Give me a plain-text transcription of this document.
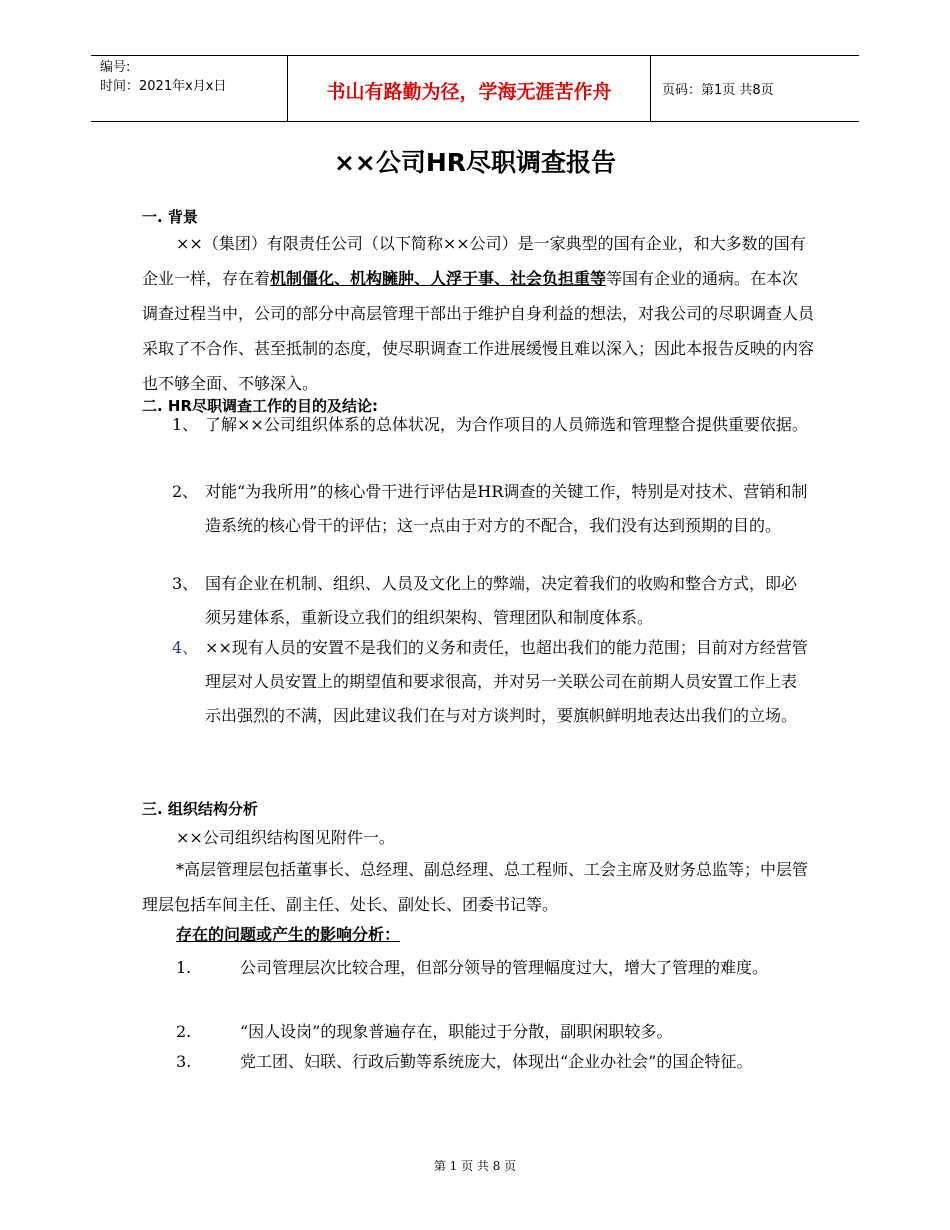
编号:
时间：2021年x月x日	书山有路勤为径，学海无涯苦作舟	页码：第1页 共8页
××公司HR尽职调查报告
一. 背景

××（集团）有限责任公司（以下简称××公司）是一家典型的国有企业，和大多数的国有企业一样，存在着机制僵化、机构臃肿、人浮于事、社会负担重等等国有企业的通病。在本次调查过程当中，公司的部分中高层管理干部出于维护自身利益的想法，对我公司的尽职调查人员采取了不合作、甚至抵制的态度，使尽职调查工作进展缓慢且难以深入；因此本报告反映的内容也不够全面、不够深入。

二. HR尽职调查工作的目的及结论:
1、 了解××公司组织体系的总体状况，为合作项目的人员筛选和管理整合提供重要依据。
2、 对能“为我所用”的核心骨干进行评估是HR调查的关键工作，特别是对技术、营销和制造系统的核心骨干的评估；这一点由于对方的不配合，我们没有达到预期的目的。
3、 国有企业在机制、组织、人员及文化上的弊端，决定着我们的收购和整合方式，即必须另建体系，重新设立我们的组织架构、管理团队和制度体系。
4、 ××现有人员的安置不是我们的义务和责任，也超出我们的能力范围；目前对方经营管理层对人员安置上的期望值和要求很高，并对另一关联公司在前期人员安置工作上表示出强烈的不满，因此建议我们在与对方谈判时，要旗帜鲜明地表达出我们的立场。
三. 组织结构分析

××公司组织结构图见附件一。

*高层管理层包括董事长、总经理、副总经理、总工程师、工会主席及财务总监等；中层管理层包括车间主任、副主任、处长、副处长、团委书记等。

存在的问题或产生的影响分析：
1.	公司管理层次比较合理，但部分领导的管理幅度过大，增大了管理的难度。
2.	“因人设岗”的现象普遍存在，职能过于分散，副职闲职较多。
3.	党工团、妇联、行政后勤等系统庞大，体现出“企业办社会”的国企特征。
第 1 页 共 8 页
